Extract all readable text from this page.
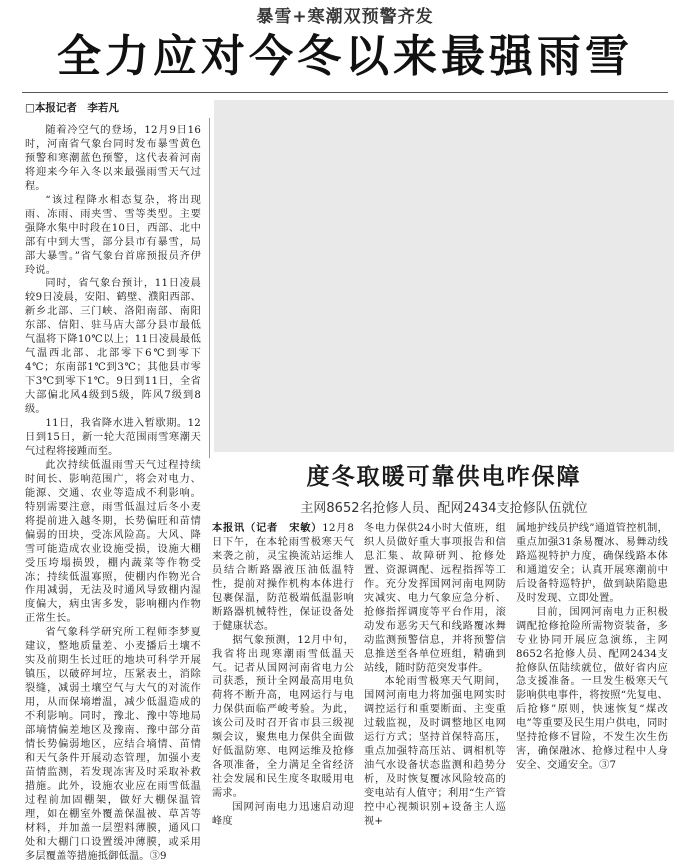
暴雪+寒潮双预警齐发
全力应对今冬以来最强雨雪
□本报记者　李若凡

随着冷空气的登场，12月9日16时，河南省气象台同时发布暴雪黄色预警和寒潮蓝色预警，这代表着河南将迎来今年入冬以来最强雨雪天气过程。

“该过程降水相态复杂，将出现雨、冻雨、雨夹雪、雪等类型。主要强降水集中时段在10日，西部、北中部有中到大雪，部分县市有暴雪，局部大暴雪。”省气象台首席预报员齐伊玲说。

同时，省气象台预计，11日凌晨较9日凌晨，安阳、鹤壁、濮阳西部、新乡北部、三门峡、洛阳南部、南阳东部、信阳、驻马店大部分县市最低气温将下降10℃以上；11日凌晨最低气温西北部、北部零下6℃到零下4℃；东南部1℃到3℃；其他县市零下3℃到零下1℃。9日到11日，全省大部偏北风4级到5级，阵风7级到8级。

11日，我省降水进入暂歇期。12日到15日，新一轮大范围雨雪寒潮天气过程将接踵而至。

此次持续低温雨雪天气过程持续时间长、影响范围广，将会对电力、能源、交通、农业等造成不利影响。特别需要注意，雨雪低温过后冬小麦将提前进入越冬期，长势偏旺和苗情偏弱的田块，受冻风险高。大风、降雪可能造成农业设施受损，设施大棚受压垮塌损毁，棚内蔬菜等作物受冻；持续低温寡照，使棚内作物光合作用减弱，无法及时通风导致棚内湿度偏大，病虫害多发，影响棚内作物正常生长。

省气象科学研究所工程师李梦夏建议，整地质量差、小麦播后土壤不实及前期生长过旺的地块可科学开展镇压，以破碎坷垃，压紧表土，消除裂缝，减弱土壤空气与大气的对流作用，从而保墒增温，减少低温造成的不利影响。同时，豫北、豫中等地局部墒情偏差地区及豫南、豫中部分苗情长势偏弱地区，应结合墒情、苗情和天气条件开展动态管理，加强小麦苗情监测，若发现冻害及时采取补救措施。此外，设施农业应在雨雪低温过程前加固棚架，做好大棚保温管理，如在棚室外覆盖保温被、草苫等材料，并加盖一层塑料薄膜，通风口处和大棚门口设置缓冲薄膜，或采用多层覆盖等措施抵御低温。③9

度冬取暖可靠供电咋保障
主网8652名抢修人员、配网2434支抢修队伍就位

本报讯（记者　宋敏）12月8日下午，在本轮雨雪极寒天气来袭之前，灵宝换流站运维人员结合断路器液压油低温特性，提前对操作机构本体进行包裹保温，防范极端低温影响断路器机械特性，保证设备处于健康状态。

据气象预测，12月中旬，我省将出现寒潮雨雪低温天气。记者从国网河南省电力公司获悉，预计全网最高用电负荷将不断升高，电网运行与电力保供面临严峻考验。为此，该公司及时召开省市县三级视频会议，聚焦电力保供全面做好低温防寒、电网运维及抢修各项准备，全力满足全省经济社会发展和民生度冬取暖用电需求。

国网河南电力迅速启动迎峰度

冬电力保供24小时大值班，组织人员做好重大事项报告和信息汇集、故障研判、抢修处置、资源调配、远程指挥等工作。充分发挥国网河南电网防灾减灾、电力气象应急分析、抢修指挥调度等平台作用，滚动发布恶劣天气和线路覆冰舞动监测预警信息，并将预警信息推送至各单位班组，精确到站线，随时防范突发事件。

本轮雨雪极寒天气期间，国网河南电力将加强电网实时调控运行和重要断面、主变重过载监视，及时调整地区电网运行方式；坚持首保特高压，重点加强特高压站、调相机等油气水设备状态监测和趋势分析，及时恢复覆冰风险较高的变电站有人值守；利用“生产管控中心视频识别+设备主人巡视+

属地护线员护线”通道管控机制，重点加强31条易覆冰、易舞动线路巡视特护力度，确保线路本体和通道安全；认真开展寒潮前中后设备特巡特护，做到缺陷隐患及时发现、立即处置。

目前，国网河南电力正积极调配抢修抢险所需物资装备，多专业协同开展应急演练，主网8652名抢修人员、配网2434支抢修队伍陆续就位，做好省内应急支援准备。一旦发生极寒天气影响供电事件，将按照“先复电、后抢修”原则，快速恢复“煤改电”等重要及民生用户供电，同时坚持抢修不冒险，不发生次生伤害，确保融冰、抢修过程中人身安全、交通安全。③7
